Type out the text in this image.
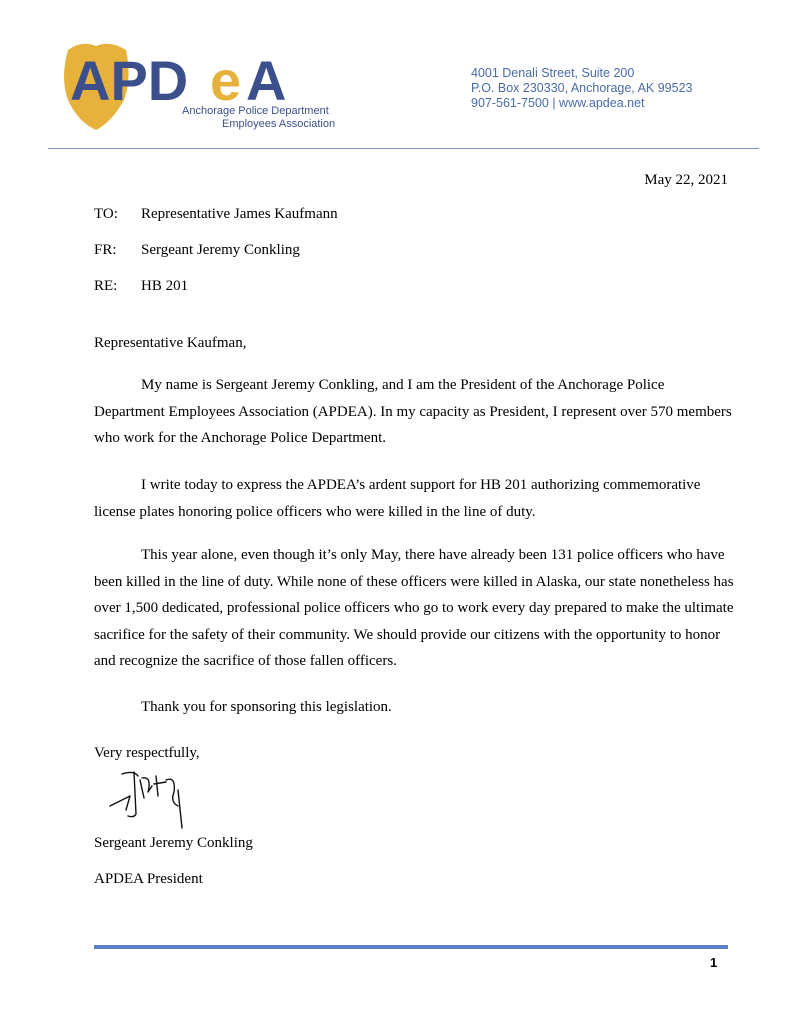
APD e A
Anchorage Police Department
Employees Association
4001 Denali Street, Suite 200
P.O. Box 230330, Anchorage, AK 99523
907-561-7500 | www.apdea.net
May 22, 2021
TO: Representative James Kaufmann
FR: Sergeant Jeremy Conkling
RE: HB 201
Representative Kaufman,

My name is Sergeant Jeremy Conkling, and I am the President of the Anchorage Police Department Employees Association (APDEA). In my capacity as President, I represent over 570 members who work for the Anchorage Police Department.

I write today to express the APDEA’s ardent support for HB 201 authorizing commemorative license plates honoring police officers who were killed in the line of duty.

This year alone, even though it’s only May, there have already been 131 police officers who have been killed in the line of duty. While none of these officers were killed in Alaska, our state nonetheless has over 1,500 dedicated, professional police officers who go to work every day prepared to make the ultimate sacrifice for the safety of their community. We should provide our citizens with the opportunity to honor and recognize the sacrifice of those fallen officers.

Thank you for sponsoring this legislation.

Very respectfully,
Sergeant Jeremy Conkling
APDEA President
1
